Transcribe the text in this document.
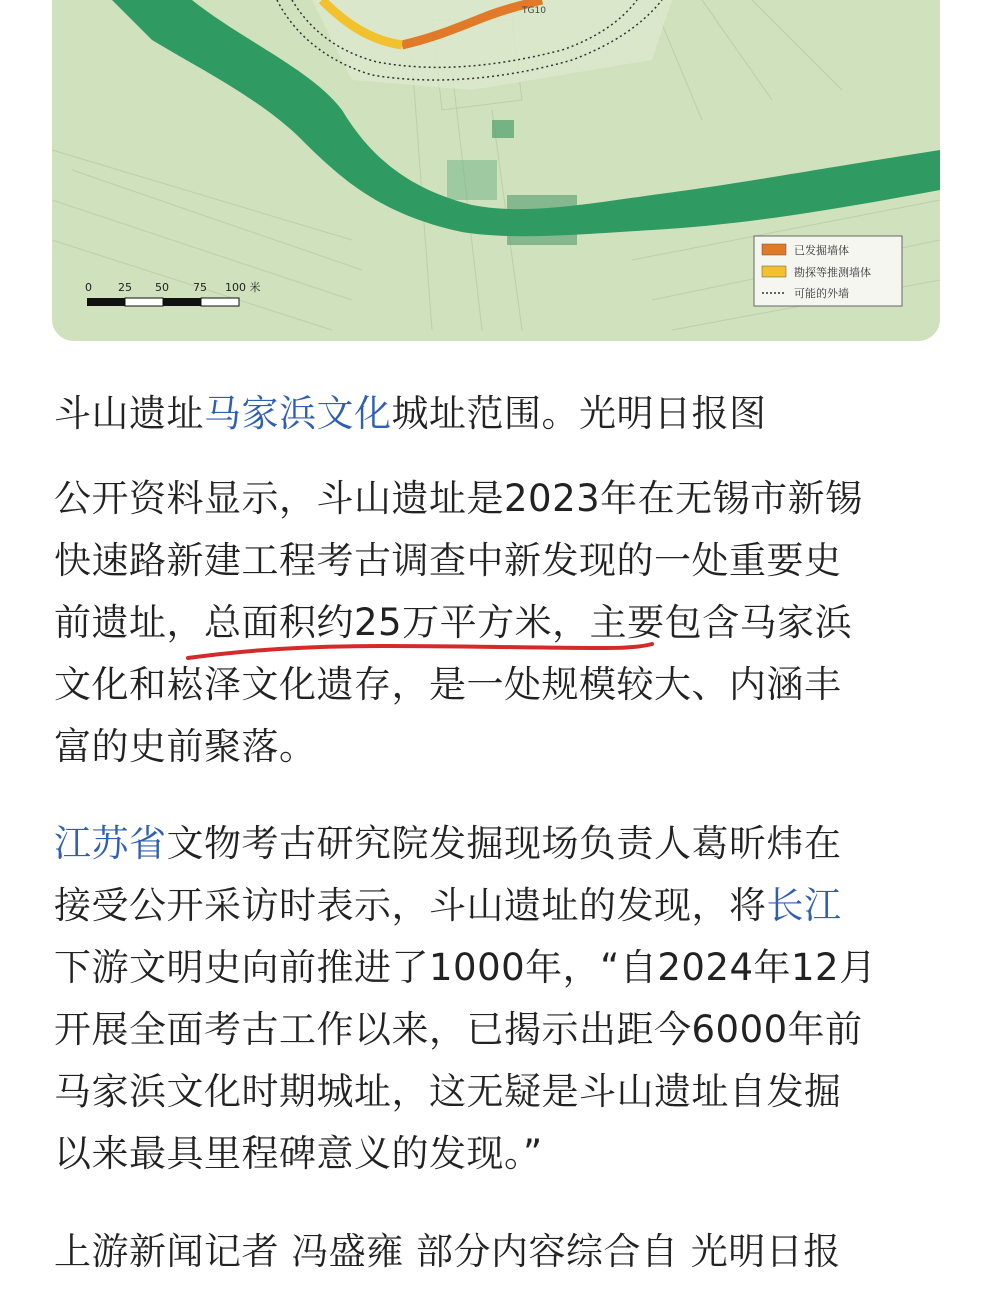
TG10
0 25 50 75 100 米
已发掘墙体
勘探等推测墙体
可能的外墙

斗山遗址马家浜文化城址范围。光明日报图

公开资料显示，斗山遗址是2023年在无锡市新锡
快速路新建工程考古调查中新发现的一处重要史
前遗址，总面积约25万平方米，主要包含马家浜
文化和崧泽文化遗存，是一处规模较大、内涵丰
富的史前聚落。

江苏省文物考古研究院发掘现场负责人葛昕炜在
接受公开采访时表示，斗山遗址的发现，将长江
下游文明史向前推进了1000年，“自2024年12月
开展全面考古工作以来，已揭示出距今6000年前
马家浜文化时期城址，这无疑是斗山遗址自发掘
以来最具里程碑意义的发现。”

上游新闻记者 冯盛雍 部分内容综合自 光明日报
